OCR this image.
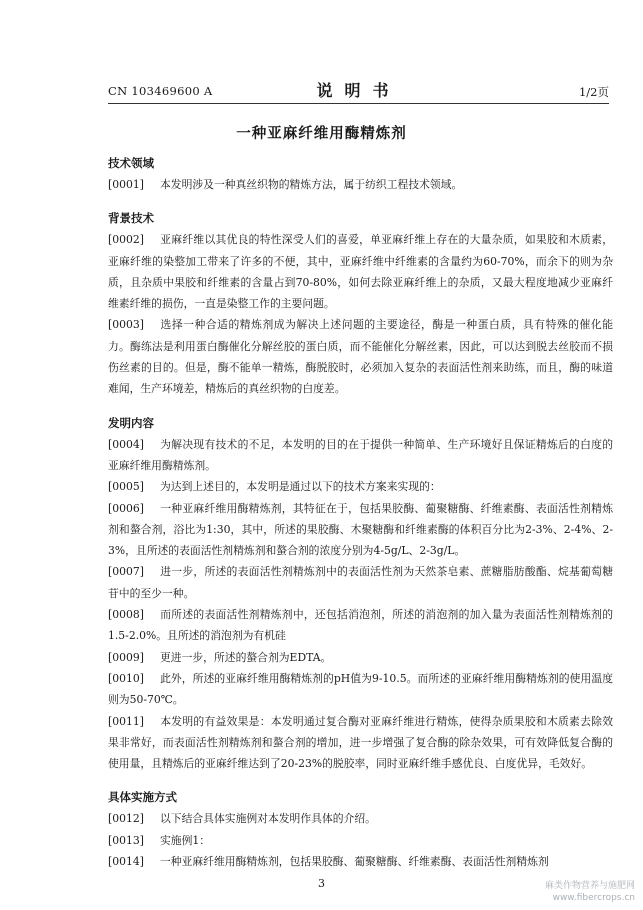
CN 103469600 A	说明书	1/2页
一种亚麻纤维用酶精炼剂
技术领域
[0001] 本发明涉及一种真丝织物的精炼方法，属于纺织工程技术领域。
背景技术
[0002] 亚麻纤维以其优良的特性深受人们的喜爱，单亚麻纤维上存在的大量杂质，如果胶和木质素，亚麻纤维的染整加工带来了许多的不便，其中，亚麻纤维中纤维素的含量约为60-70%，而余下的则为杂质，且杂质中果胶和纤维素的含量占到70-80%，如何去除亚麻纤维上的杂质，又最大程度地减少亚麻纤维素纤维的损伤，一直是染整工作的主要问题。
[0003] 选择一种合适的精炼剂成为解决上述问题的主要途径，酶是一种蛋白质，具有特殊的催化能力。酶练法是利用蛋白酶催化分解丝胶的蛋白质，而不能催化分解丝素，因此，可以达到脱去丝胶而不损伤丝素的目的。但是，酶不能单一精炼，酶脱胶时，必须加入复杂的表面活性剂来助练，而且，酶的味道难闻，生产环境差，精炼后的真丝织物的白度差。
发明内容
[0004] 为解决现有技术的不足，本发明的目的在于提供一种简单、生产环境好且保证精炼后的白度的亚麻纤维用酶精炼剂。
[0005] 为达到上述目的，本发明是通过以下的技术方案来实现的：
[0006] 一种亚麻纤维用酶精炼剂，其特征在于，包括果胶酶、葡聚糖酶、纤维素酶、表面活性剂精炼剂和螯合剂，浴比为1:30，其中，所述的果胶酶、木聚糖酶和纤维素酶的体积百分比为2-3%、2-4%、2-3%，且所述的表面活性剂精炼剂和螯合剂的浓度分别为4-5g/L、2-3g/L。
[0007] 进一步，所述的表面活性剂精炼剂中的表面活性剂为天然茶皂素、蔗糖脂肪酸酯、烷基葡萄糖苷中的至少一种。
[0008] 而所述的表面活性剂精炼剂中，还包括消泡剂，所述的消泡剂的加入量为表面活性剂精炼剂的1.5-2.0%。且所述的消泡剂为有机硅
[0009] 更进一步，所述的螯合剂为EDTA。
[0010] 此外，所述的亚麻纤维用酶精炼剂的pH值为9-10.5。而所述的亚麻纤维用酶精炼剂的使用温度则为50-70℃。
[0011] 本发明的有益效果是：本发明通过复合酶对亚麻纤维进行精炼，使得杂质果胶和木质素去除效果非常好，而表面活性剂精炼剂和螯合剂的增加，进一步增强了复合酶的除杂效果，可有效降低复合酶的使用量，且精炼后的亚麻纤维达到了20-23%的脱胶率，同时亚麻纤维手感优良、白度优异，毛效好。
具体实施方式
[0012] 以下结合具体实施例对本发明作具体的介绍。
[0013] 实施例1：
[0014] 一种亚麻纤维用酶精炼剂，包括果胶酶、葡聚糖酶、纤维素酶、表面活性剂精炼剂
3	麻类作物营养与施肥网
www.fibercrops.cn
